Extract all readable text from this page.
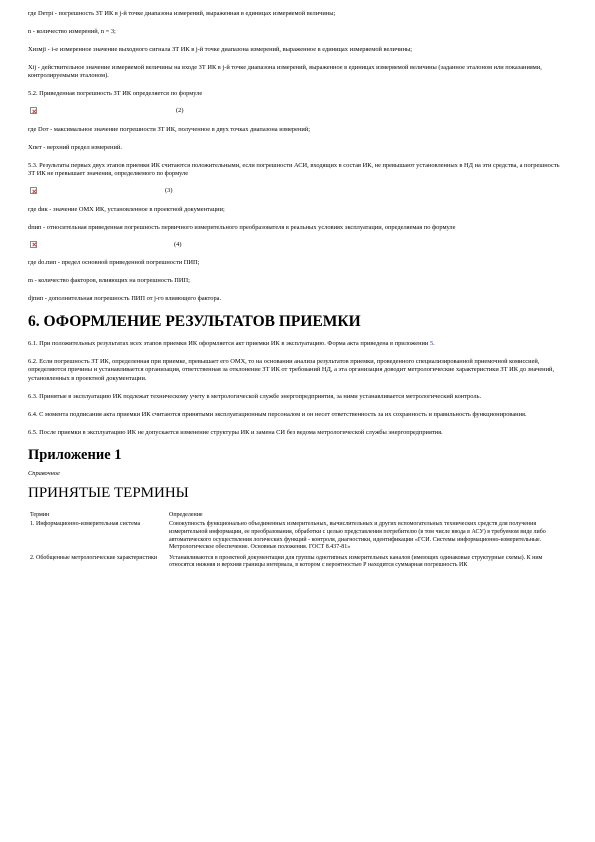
где Deтpi - погрешность ЗТ ИК в j-й точке диапазона измерений, выраженная в единицах измеряемой величины;

n - количество измерений, n = 3;

Xизмji - i-е измеренное значение выходного сигнала ЗТ ИК в j-й точке диапазона измерений, выраженное в единицах измеряемой величины;

Xij - действительное значение измеряемой величины на входе ЗТ ИК в j-й точке диапазона измерений, выраженное в единицах измеряемой величины (заданное эталоном или показаниями, контролируемыми эталоном).

5.2. Приведенная погрешность ЗТ ИК определяется по формуле

(2)

где Dот - максимальное значение погрешности ЗТ ИК, полученное в двух точках диапазона измерений;

Xпет - верхний предел измерений.

5.3. Результаты первых двух этапов приемки ИК считаются положительными, если погрешности АСИ, входящих в состав ИК, не превышают установленных в НД на эти средства, а погрешность ЗТ ИК не превышает значения, определяемого по формуле

(3)

где dик - значение ОМХ ИК, установленное в проектной документации;

dпип - относительная приведенная погрешность первичного измерительного преобразователя в реальных условиях эксплуатации, определяемая по формуле

(4)

где dо.пип - предел основной приведенной погрешности ПИП;

m - количество факторов, влияющих на погрешность ПИП;

djпип - дополнительная погрешность ПИП от j-го влияющего фактора.

6. ОФОРМЛЕНИЕ РЕЗУЛЬТАТОВ ПРИЕМКИ

6.1. При положительных результатах всех этапов приемки ИК оформляется акт приемки ИК в эксплуатацию. Форма акта приведена в приложении 5.

6.2. Если погрешность ЗТ ИК, определенная при приемке, превышает его ОМХ, то на основании анализа результатов приемки, проведенного специализированной приемочной комиссией, определяются причины и устанавливается организация, ответственная за отклонение ЗТ ИК от требований НД, а эта организация доводит метрологические характеристики ЗТ ИК до значений, установленных в проектной документации.

6.3. Принятые в эксплуатацию ИК подлежат техническому учету в метрологической службе энергопредприятия, за ними устанавливается метрологический контроль.

6.4. С момента подписания акта приемки ИК считаются принятыми эксплуатационным персоналом и он несет ответственность за их сохранность и правильность функционирования.

6.5. После приемки в эксплуатацию ИК не допускается изменение структуры ИК и замена СИ без ведома метрологической службы энергопредприятия.

Приложение 1

Справочное

ПРИНЯТЫЕ ТЕРМИНЫ
Термин	Определение
1. Информационно-измерительная система	Совокупность функционально объединенных измерительных, вычислительных и других вспомогательных технических средств для получения измерительной информации, ее преобразования, обработки с целью представления потребителю (в том числе ввода в АСУ) в требуемом виде либо автоматического осуществления логических функций - контроля, диагностики, идентификации «ГСИ. Системы информационно-измерительные. Метрологическое обеспечение. Основные положения. ГОСТ 8.437-81»
2. Обобщенные метрологические характеристики	Устанавливаются в проектной документации для группы однотипных измерительных каналов (имеющих одинаковые структурные схемы). К ним относятся нижняя и верхняя границы интервала, в котором с вероятностью Р находится суммарная погрешность ИК
